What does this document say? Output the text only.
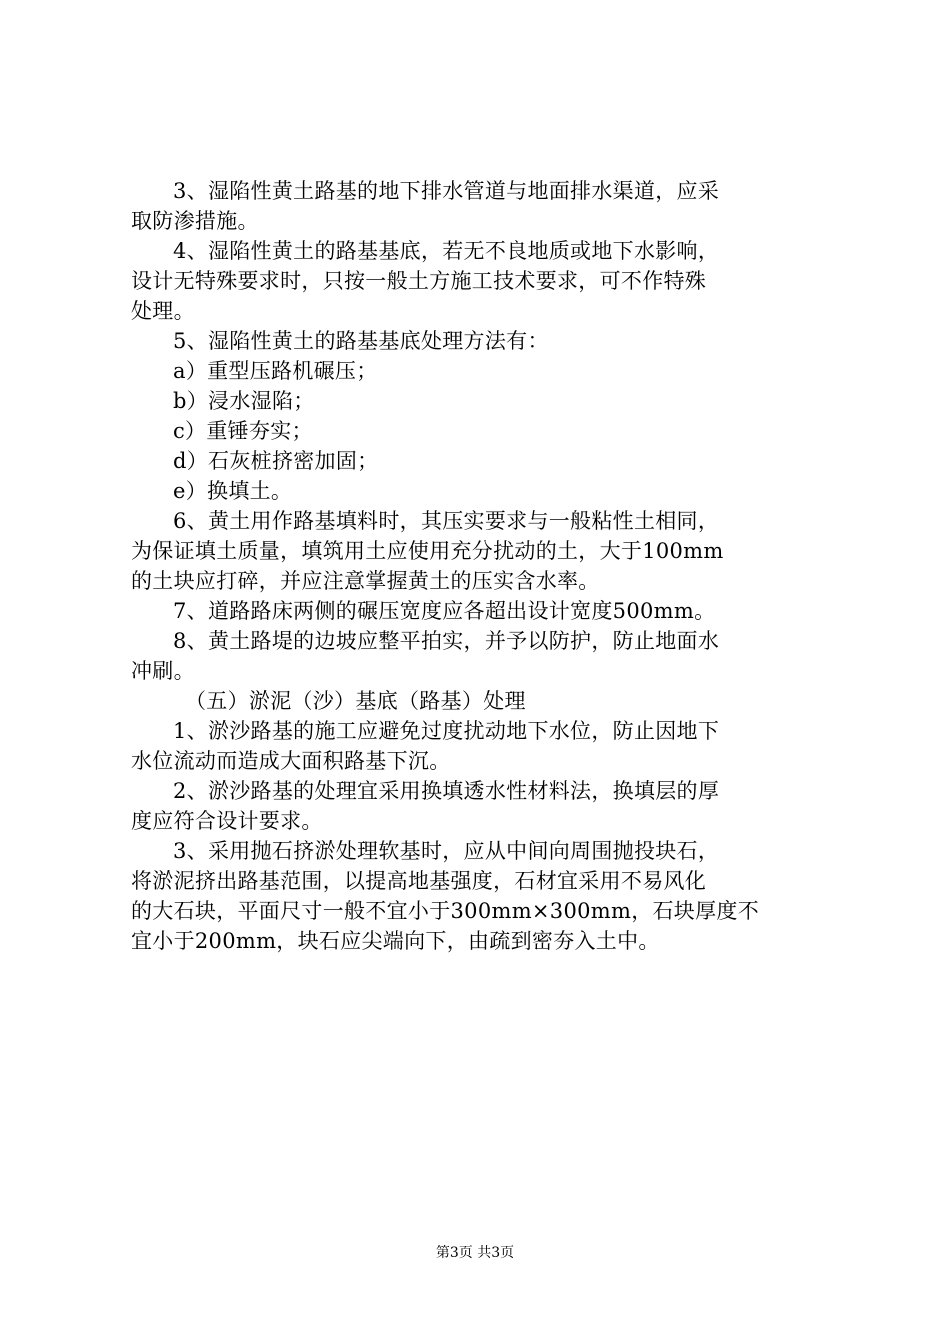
3、湿陷性黄土路基的地下排水管道与地面排水渠道，应采
取防渗措施。
4、湿陷性黄土的路基基底，若无不良地质或地下水影响，
设计无特殊要求时，只按一般土方施工技术要求，可不作特殊
处理。
5、湿陷性黄土的路基基底处理方法有：
a）重型压路机碾压；
b）浸水湿陷；
c）重锤夯实；
d）石灰桩挤密加固；
e）换填土。
6、黄土用作路基填料时，其压实要求与一般粘性土相同，
为保证填土质量，填筑用土应使用充分扰动的土，大于100mm
的土块应打碎，并应注意掌握黄土的压实含水率。
7、道路路床两侧的碾压宽度应各超出设计宽度500mm。
8、黄土路堤的边坡应整平拍实，并予以防护，防止地面水
冲刷。
（五）淤泥（沙）基底（路基）处理
1、淤沙路基的施工应避免过度扰动地下水位，防止因地下
水位流动而造成大面积路基下沉。
2、淤沙路基的处理宜采用换填透水性材料法，换填层的厚
度应符合设计要求。
3、采用抛石挤淤处理软基时，应从中间向周围抛投块石，
将淤泥挤出路基范围，以提高地基强度，石材宜采用不易风化
的大石块，平面尺寸一般不宜小于300mm×300mm，石块厚度不
宜小于200mm，块石应尖端向下，由疏到密夯入土中。
第3页 共3页
